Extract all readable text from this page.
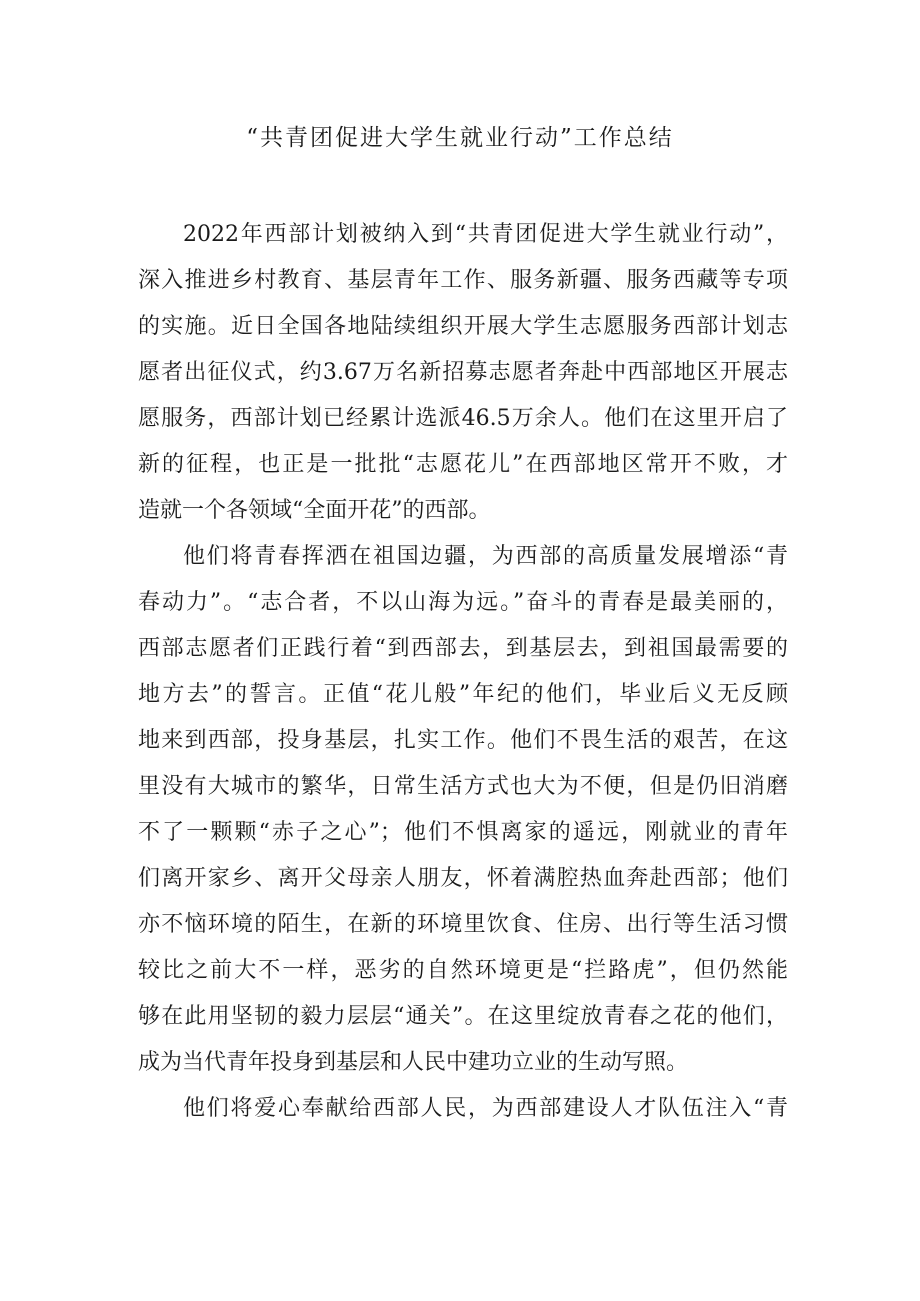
“共青团促进大学生就业行动”工作总结
2022年西部计划被纳入到“共青团促进大学生就业行动”，
深入推进乡村教育、基层青年工作、服务新疆、服务西藏等专项
的实施。近日全国各地陆续组织开展大学生志愿服务西部计划志
愿者出征仪式，约3.67万名新招募志愿者奔赴中西部地区开展志
愿服务，西部计划已经累计选派46.5万余人。他们在这里开启了
新的征程，也正是一批批“志愿花儿”在西部地区常开不败，才
造就一个各领域“全面开花”的西部。
他们将青春挥洒在祖国边疆，为西部的高质量发展增添“青
春动力”。“志合者，不以山海为远。”奋斗的青春是最美丽的，
西部志愿者们正践行着“到西部去，到基层去，到祖国最需要的
地方去”的誓言。正值“花儿般”年纪的他们，毕业后义无反顾
地来到西部，投身基层，扎实工作。他们不畏生活的艰苦，在这
里没有大城市的繁华，日常生活方式也大为不便，但是仍旧消磨
不了一颗颗“赤子之心”；他们不惧离家的遥远，刚就业的青年
们离开家乡、离开父母亲人朋友，怀着满腔热血奔赴西部；他们
亦不恼环境的陌生，在新的环境里饮食、住房、出行等生活习惯
较比之前大不一样，恶劣的自然环境更是“拦路虎”，但仍然能
够在此用坚韧的毅力层层“通关”。在这里绽放青春之花的他们，
成为当代青年投身到基层和人民中建功立业的生动写照。
他们将爱心奉献给西部人民，为西部建设人才队伍注入“青
